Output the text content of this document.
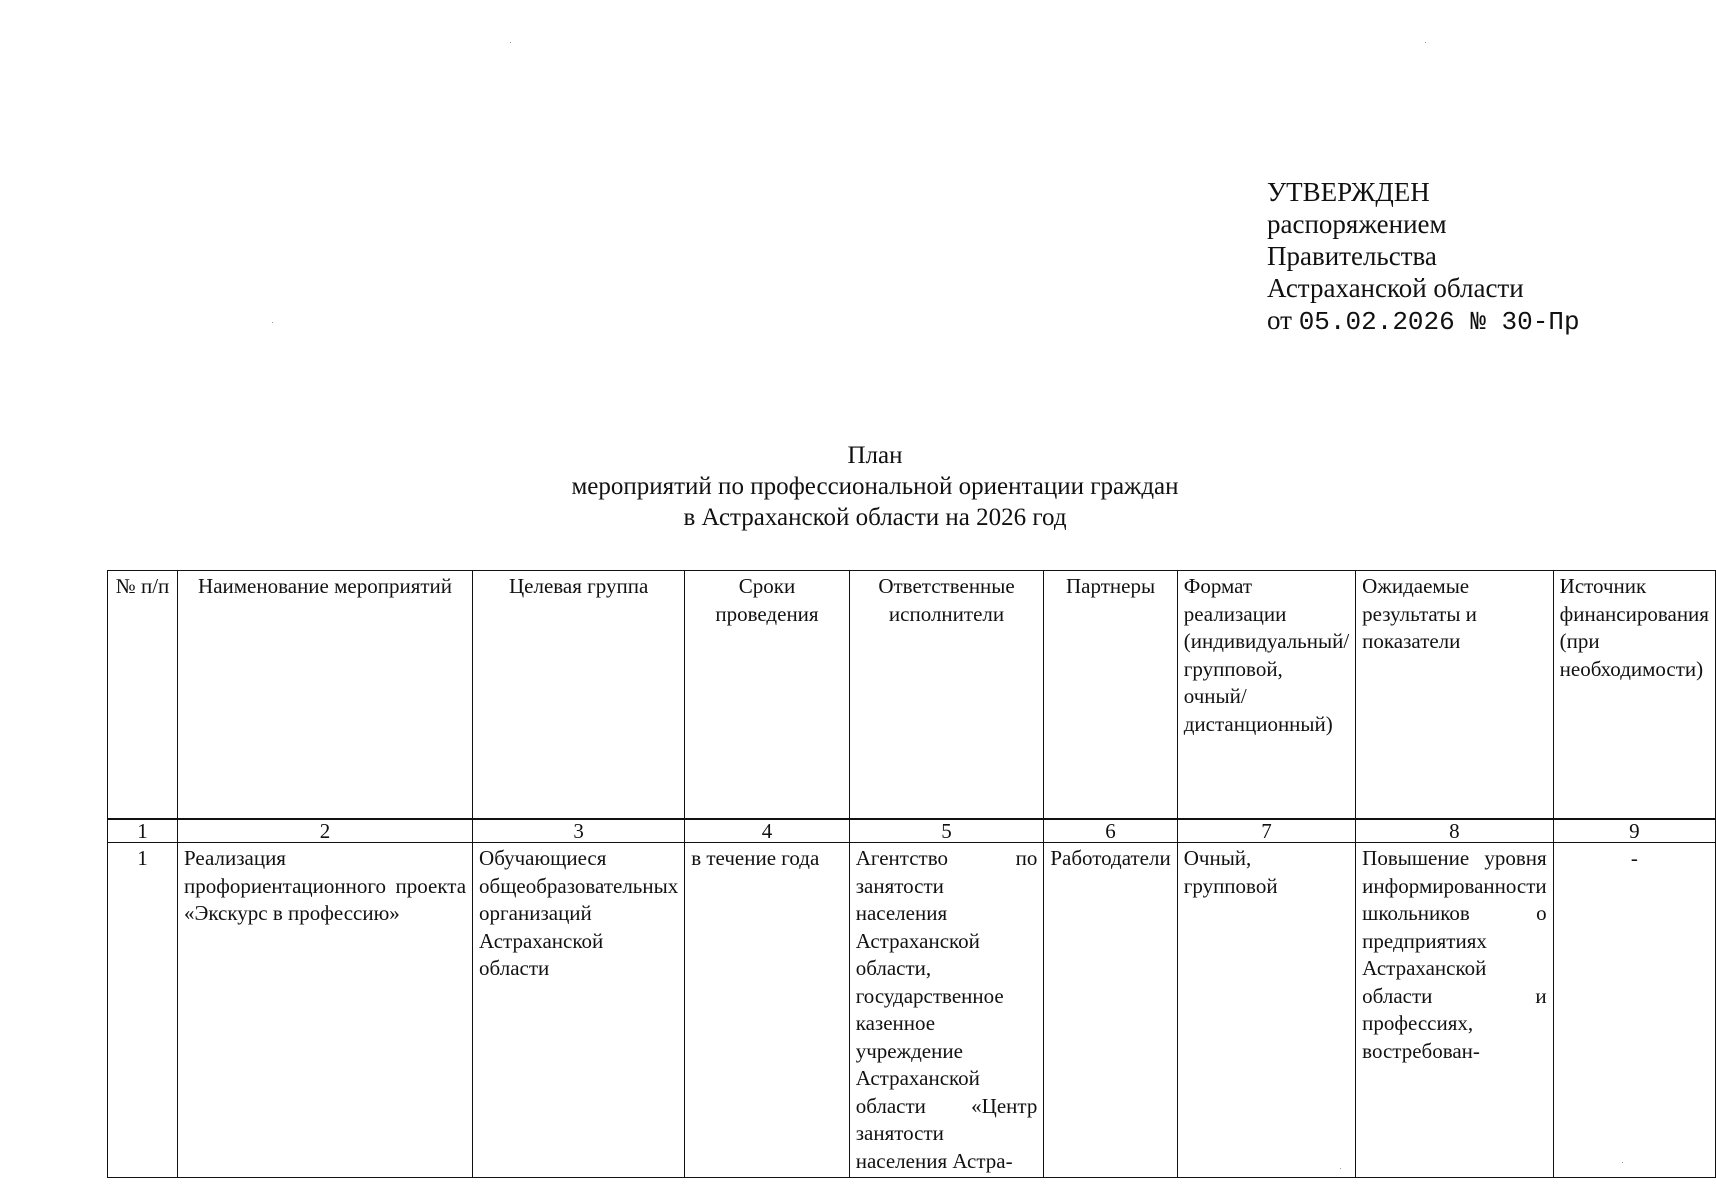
УТВЕРЖДЕН
распоряжением
Правительства
Астраханской области
от 05.02.2026 № 30-Пр
План
мероприятий по профессиональной ориентации граждан
в Астраханской области на 2026 год
№ п/п	Наименование мероприятий	Целевая группа	Сроки проведения	Ответственные исполнители	Партнеры	Формат реализации (индивидуальный/групповой, очный/дистанционный)	Ожидаемые результаты и показатели	Источник финансирования (при необходимости)
1	2	3	4	5	6	7	8	9
1	Реализация профориентационного проекта «Экскурс в профессию»	Обучающиеся общеобразовательных организаций Астраханской области	в течение года	Агентство по занятости населения Астраханской области, государственное казенное учреждение Астраханской области «Центр занятости населения Астра-	Работодатели	Очный, групповой	Повышение уровня информированности школьников о предприятиях Астраханской области и профессиях, востребован-	-
